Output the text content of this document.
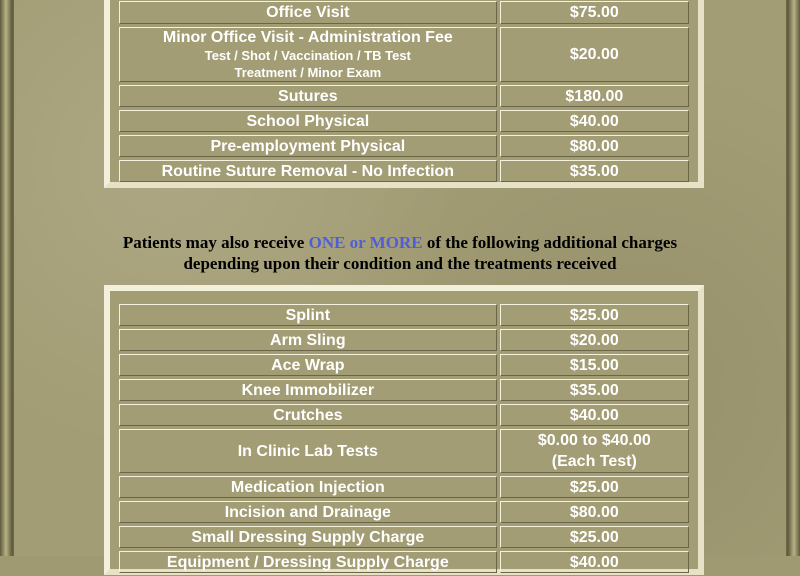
Office Visit	$75.00
Minor Office Visit - Administration Fee
Test / Shot / Vaccination / TB Test
Treatment / Minor Exam	$20.00
Sutures	$180.00
School Physical	$40.00
Pre-employment Physical	$80.00
Routine Suture Removal - No Infection	$35.00
Patients may also receive ONE or MORE of the following additional charges
depending upon their condition and the treatments received
Splint	$25.00
Arm Sling	$20.00
Ace Wrap	$15.00
Knee Immobilizer	$35.00
Crutches	$40.00
In Clinic Lab Tests	$0.00 to $40.00
(Each Test)
Medication Injection	$25.00
Incision and Drainage	$80.00
Small Dressing Supply Charge	$25.00
Equipment / Dressing Supply Charge	$40.00
